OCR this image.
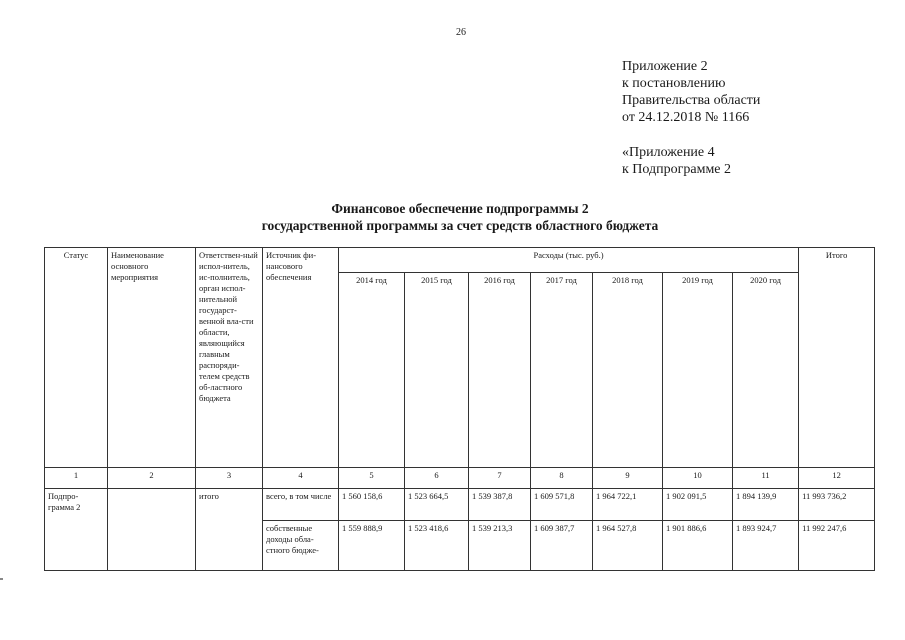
26
Приложение 2
к постановлению
Правительства области
от 24.12.2018 № 1166
«Приложение 4
к Подпрограмме 2
Финансовое обеспечение подпрограммы 2
государственной программы за счет средств областного бюджета
Статус	Наименование основного мероприятия	Ответствен-ный испол-нитель, ис-полнитель, орган испол-нительной государст-венной вла-сти области, являющийся главным распоряди-телем средств об-ластного бюджета	Источник фи-нансового обеспечения	Расходы (тыс. руб.)							Итого
				2014 год	2015 год	2016 год	2017 год	2018 год	2019 год	2020 год	
1	2	3	4	5	6	7	8	9	10	11	12
Подпро-грамма 2		итого	всего, в том числе	1 560 158,6	1 523 664,5	1 539 387,8	1 609 571,8	1 964 722,1	1 902 091,5	1 894 139,9	11 993 736,2
			собственные доходы обла-стного бюдже-	1 559 888,9	1 523 418,6	1 539 213,3	1 609 387,7	1 964 527,8	1 901 886,6	1 893 924,7	11 992 247,6
